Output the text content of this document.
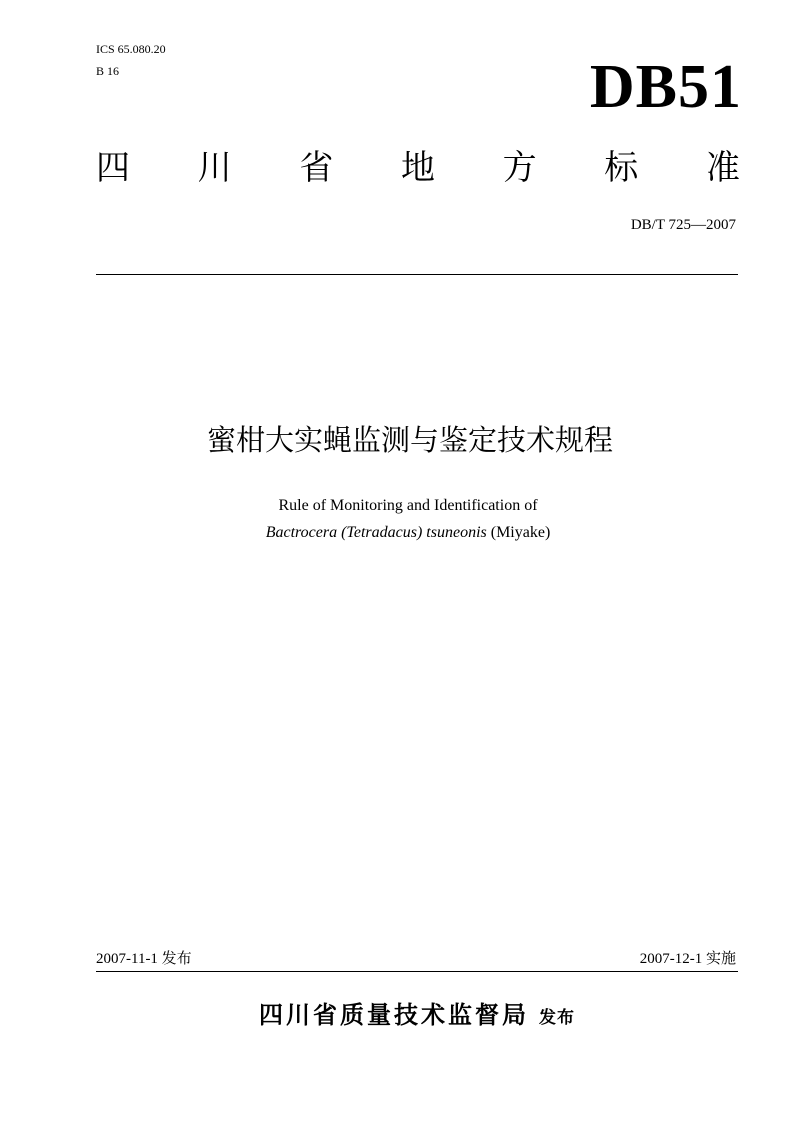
ICS 65.080.20
B 16	DB51
四 川 省 地 方 标 准
DB/T 725—2007
蜜柑大实蝇监测与鉴定技术规程
Rule of Monitoring and Identification of
Bactrocera (Tetradacus) tsuneonis (Miyake)
2007-11-1 发布	2007-12-1 实施
四川省质量技术监督局 发布
